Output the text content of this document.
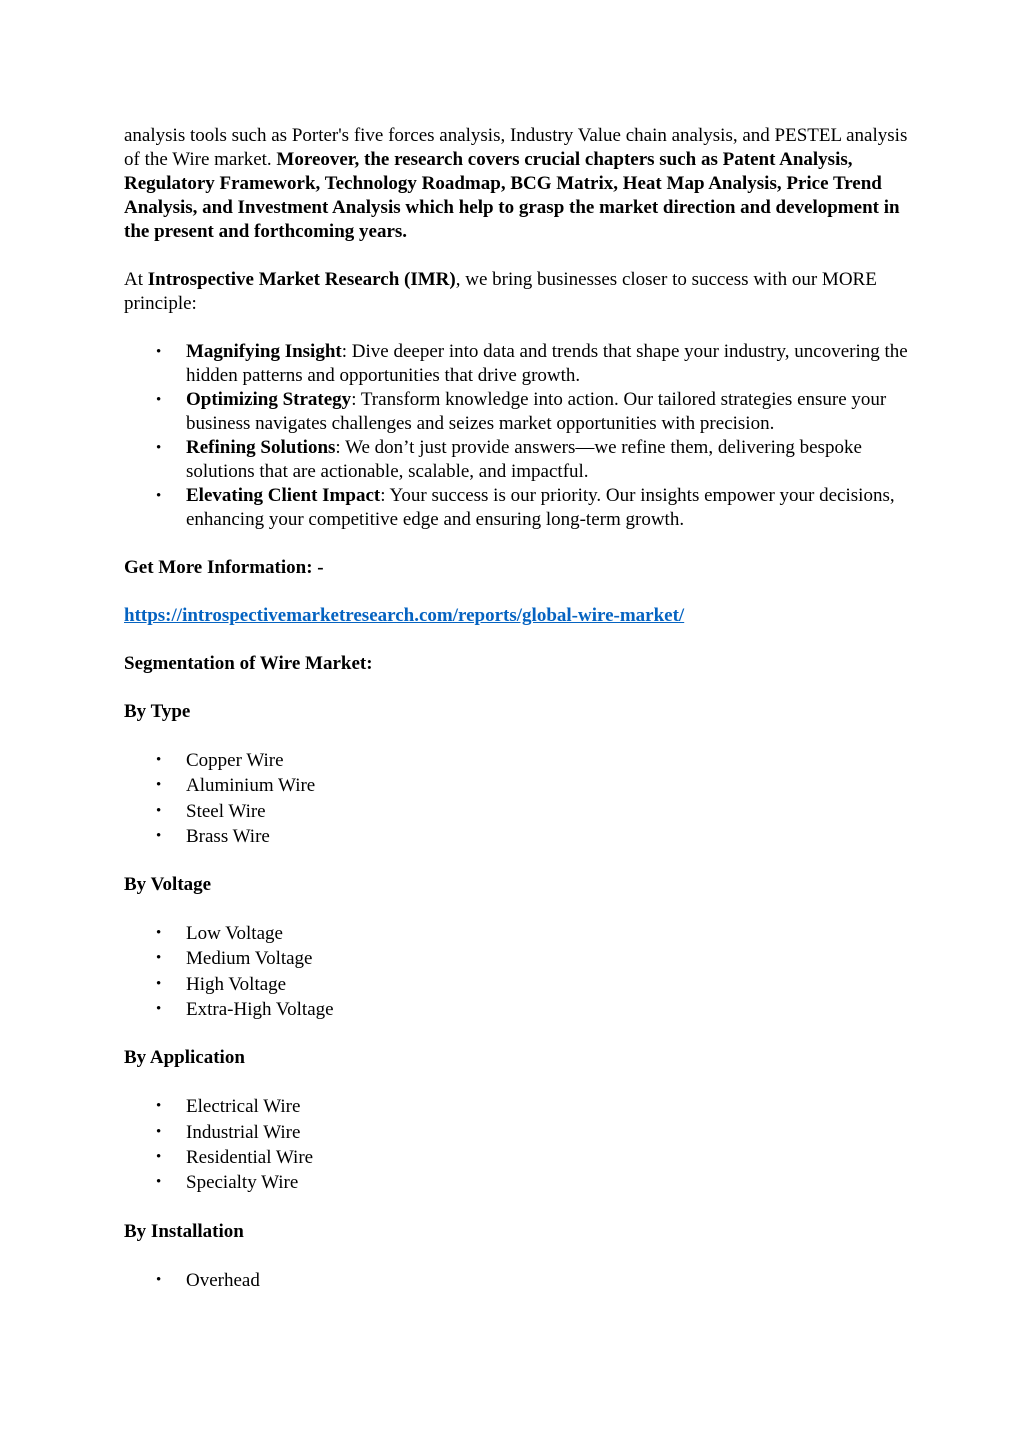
analysis tools such as Porter's five forces analysis, Industry Value chain analysis, and PESTEL analysis of the Wire market. Moreover, the research covers crucial chapters such as Patent Analysis, Regulatory Framework, Technology Roadmap, BCG Matrix, Heat Map Analysis, Price Trend Analysis, and Investment Analysis which help to grasp the market direction and development in the present and forthcoming years.

At Introspective Market Research (IMR), we bring businesses closer to success with our MORE principle:

• Magnifying Insight: Dive deeper into data and trends that shape your industry, uncovering the hidden patterns and opportunities that drive growth.
• Optimizing Strategy: Transform knowledge into action. Our tailored strategies ensure your business navigates challenges and seizes market opportunities with precision.
• Refining Solutions: We don’t just provide answers—we refine them, delivering bespoke solutions that are actionable, scalable, and impactful.
• Elevating Client Impact: Your success is our priority. Our insights empower your decisions, enhancing your competitive edge and ensuring long-term growth.

Get More Information: -

https://introspectivemarketresearch.com/reports/global-wire-market/

Segmentation of Wire Market:

By Type

• Copper Wire
• Aluminium Wire
• Steel Wire
• Brass Wire

By Voltage

• Low Voltage
• Medium Voltage
• High Voltage
• Extra-High Voltage

By Application

• Electrical Wire
• Industrial Wire
• Residential Wire
• Specialty Wire

By Installation

• Overhead
